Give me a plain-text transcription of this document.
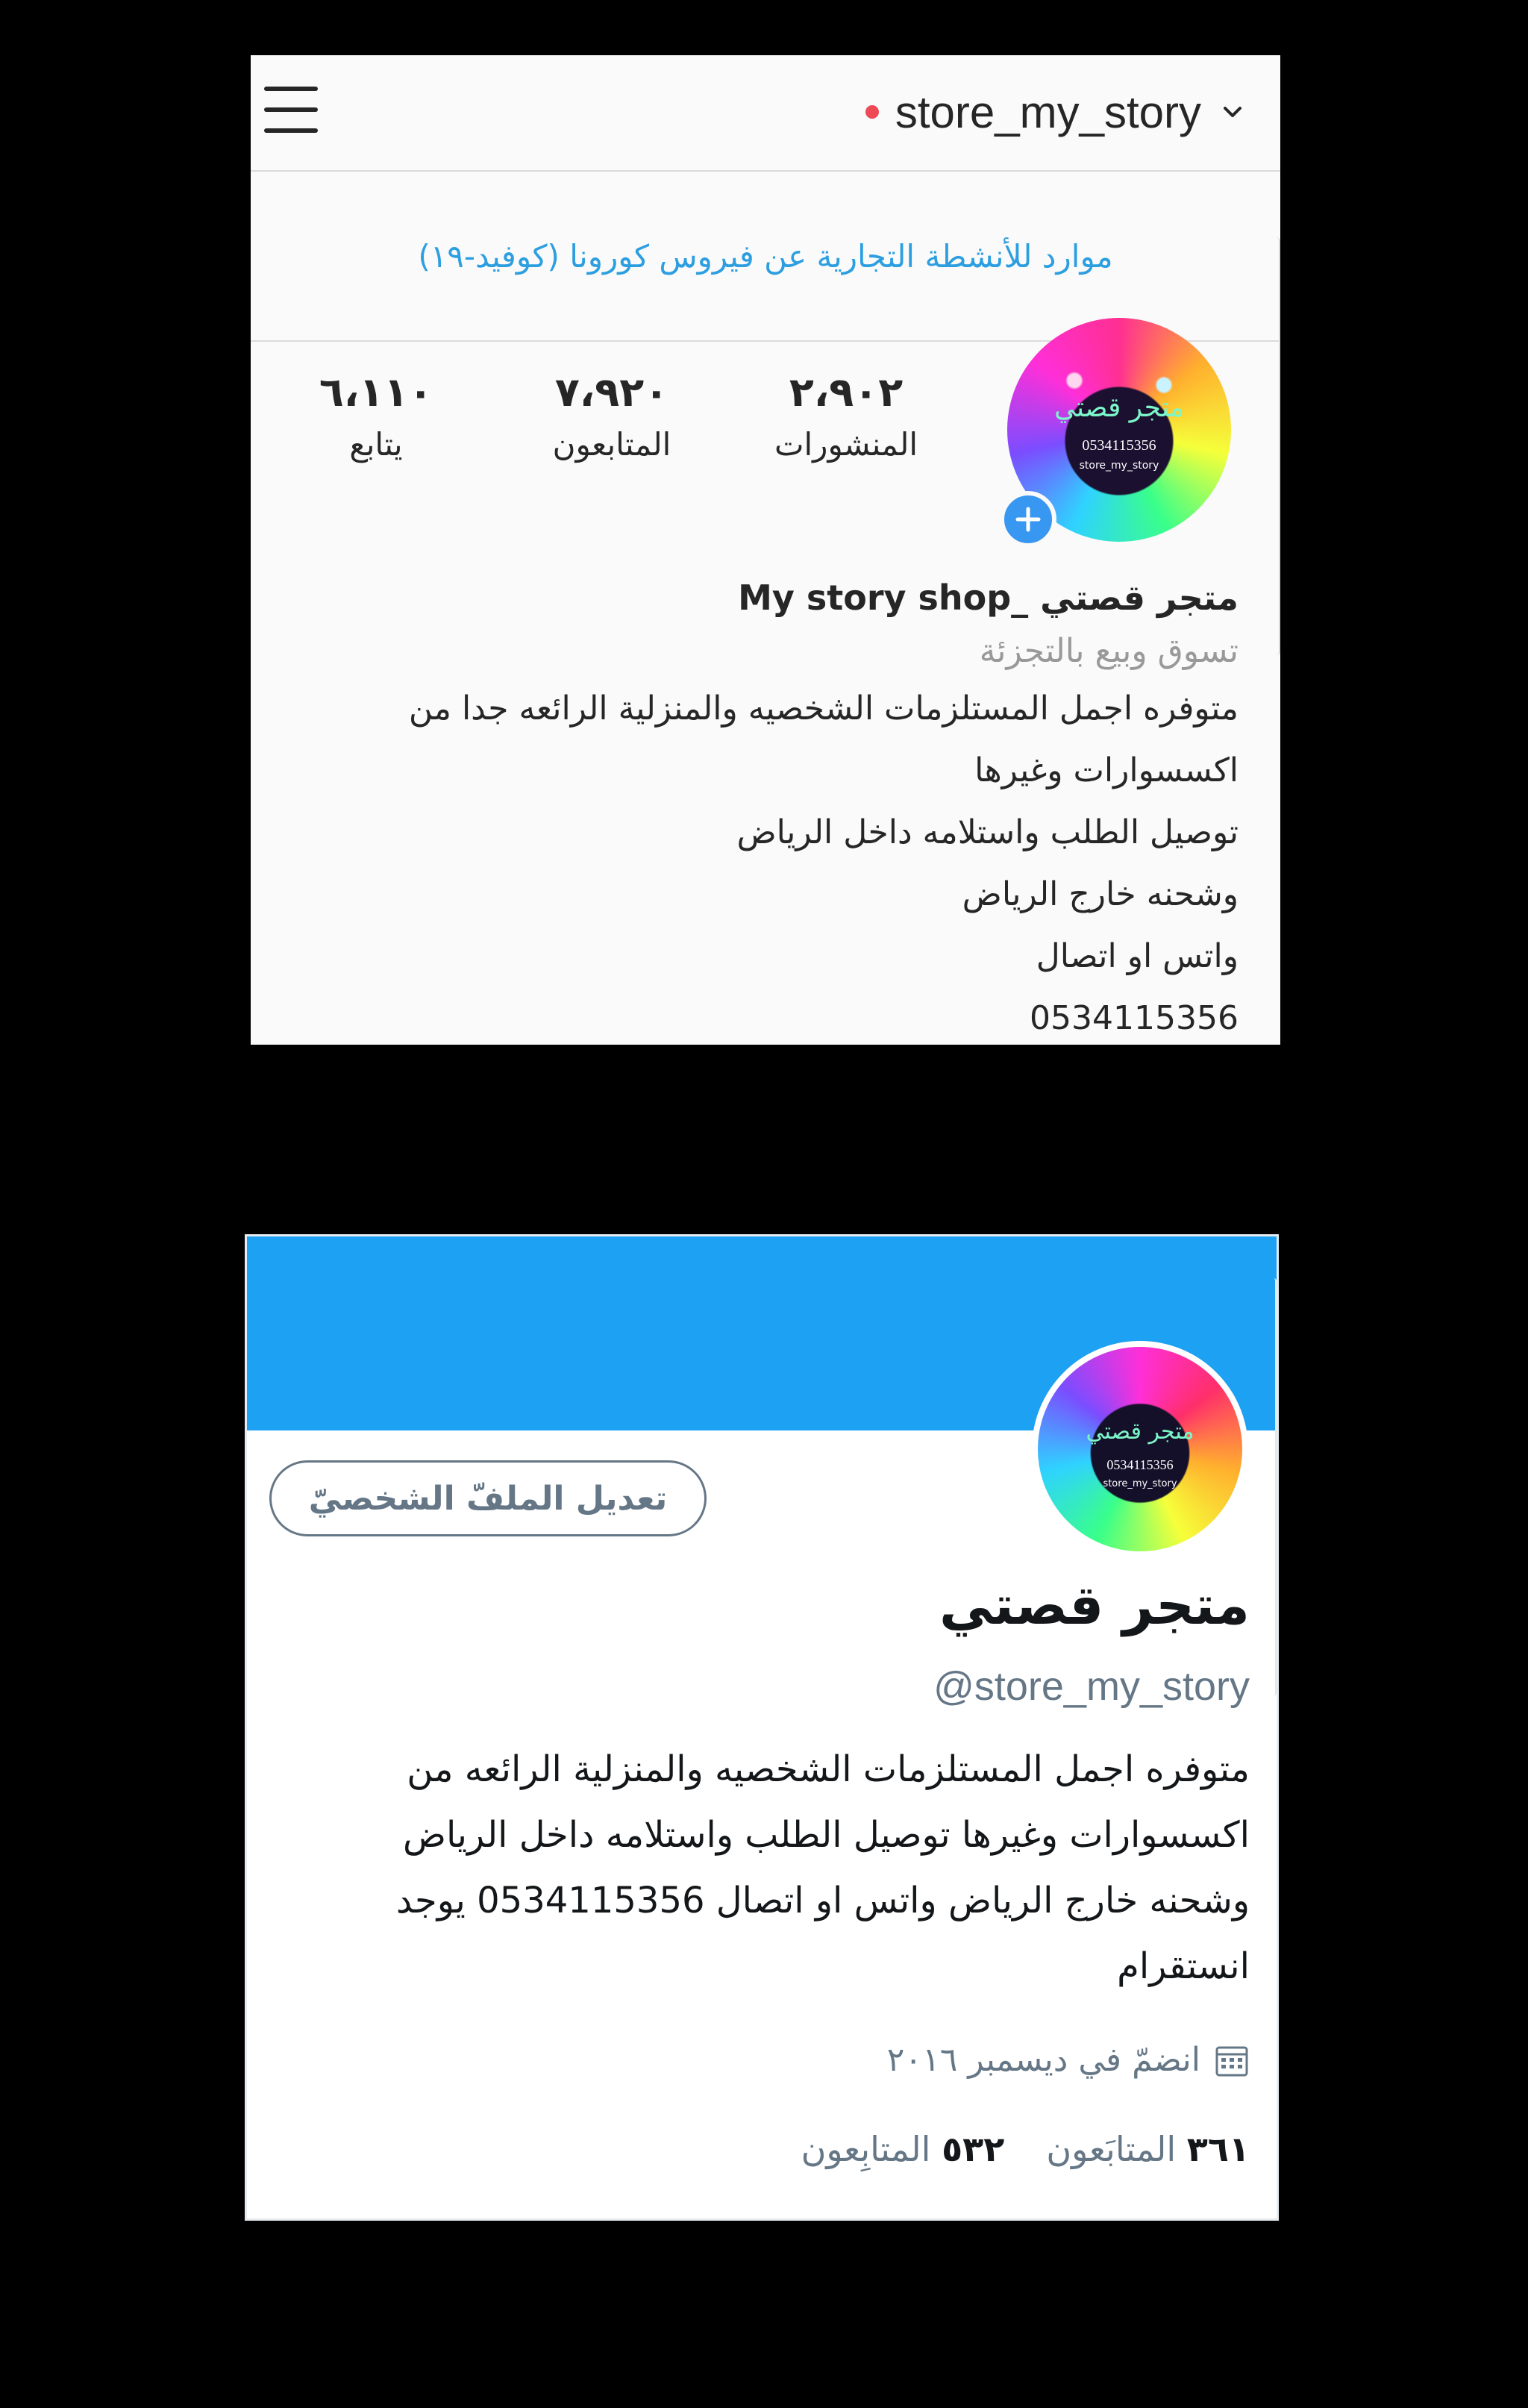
store_my_story
موارد للأنشطة التجارية عن فيروس كورونا (كوفيد-١٩)
متجر قصتي
0534115356
store_my_story
٢،٩٠٢
المنشورات
٧،٩٢٠
المتابعون
٦،١١٠
يتابع
متجر قصتي _My story shop
تسوق وبيع بالتجزئة
متوفره اجمل المستلزمات الشخصيه والمنزلية الرائعه جدا من
اكسسوارات وغيرها
توصيل الطلب واستلامه داخل الرياض
وشحنه خارج الرياض
واتس او اتصال
0534115356
متجر قصتي
0534115356
store_my_story
تعديل الملفّ الشخصيّ
متجر قصتي
@store_my_story
متوفره اجمل المستلزمات الشخصيه والمنزلية الرائعه من
اكسسوارات وغيرها توصيل الطلب واستلامه داخل الرياض
وشحنه خارج الرياض واتس او اتصال 0534115356 يوجد
انستقرام
انضمّ في ديسمبر ٢٠١٦
٣٦١ المتابَعون
٥٣٢ المتابِعون
